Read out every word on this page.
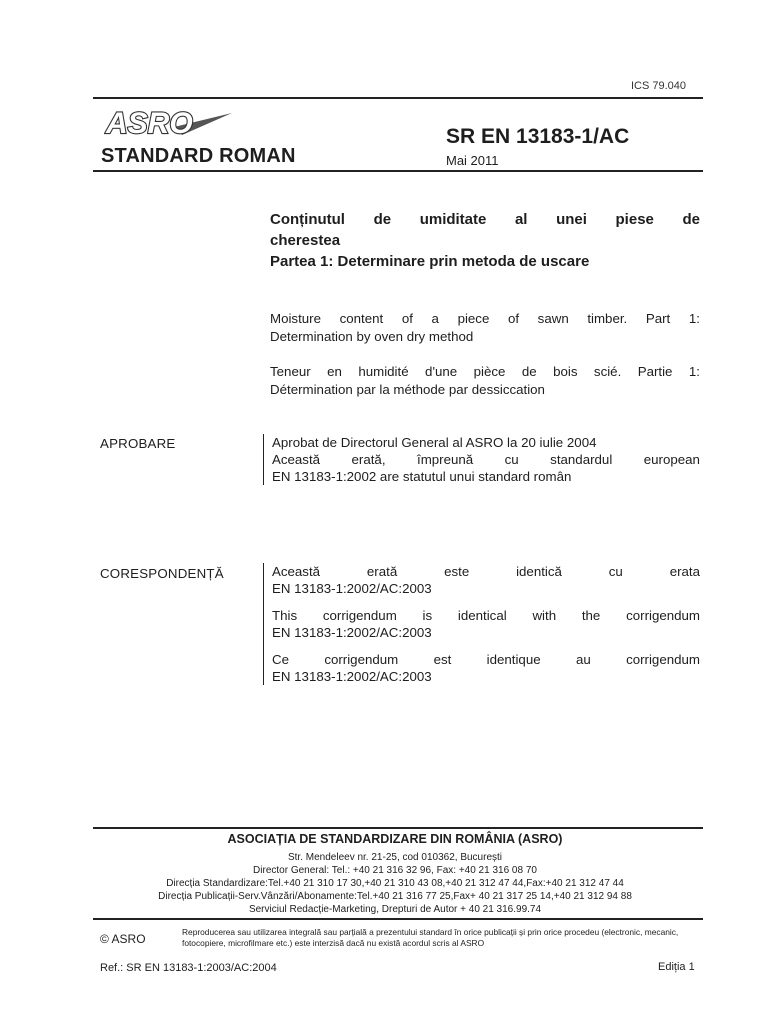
ICS 79.040
ASRO
STANDARD ROMAN
SR EN 13183-1/AC
Mai 2011
Conținutul de umiditate al unei piese de
cherestea
Partea 1: Determinare prin metoda de uscare
Moisture content of a piece of sawn timber. Part 1:
Determination by oven dry method
Teneur en humidité d'une pièce de bois scié. Partie 1:
Détermination par la méthode par dessiccation
APROBARE	Aprobat de Directorul General al ASRO la 20 iulie 2004
Această erată, împreună cu standardul european
EN 13183-1:2002 are statutul unui standard român
CORESPONDENȚĂ	Această	erată	este	identică	cu	erata
EN 13183-1:2002/AC:2003
This corrigendum is identical with the corrigendum
EN 13183-1:2002/AC:2003
Ce	corrigendum	est	identique	au	corrigendum
EN 13183-1:2002/AC:2003
ASOCIAȚIA DE STANDARDIZARE DIN ROMÂNIA (ASRO)
Str. Mendeleev nr. 21-25, cod 010362, București
Director General: Tel.: +40 21 316 32 96, Fax: +40 21 316 08 70
Direcția Standardizare:Tel.+40 21 310 17 30,+40 21 310 43 08,+40 21 312 47 44,Fax:+40 21 312 47 44
Direcția Publicații-Serv.Vânzări/Abonamente:Tel.+40 21 316 77 25,Fax+ 40 21 317 25 14,+40 21 312 94 88
Serviciul Redacție-Marketing, Drepturi de Autor + 40 21 316.99.74
© ASRO	Reproducerea sau utilizarea integrală sau parțială a prezentului standard în orice publicații și prin orice procedeu (electronic, mecanic, fotocopiere, microfilmare etc.) este interzisă dacă nu există acordul scris al ASRO
Ref.: SR EN 13183-1:2003/AC:2004	Ediția 1
